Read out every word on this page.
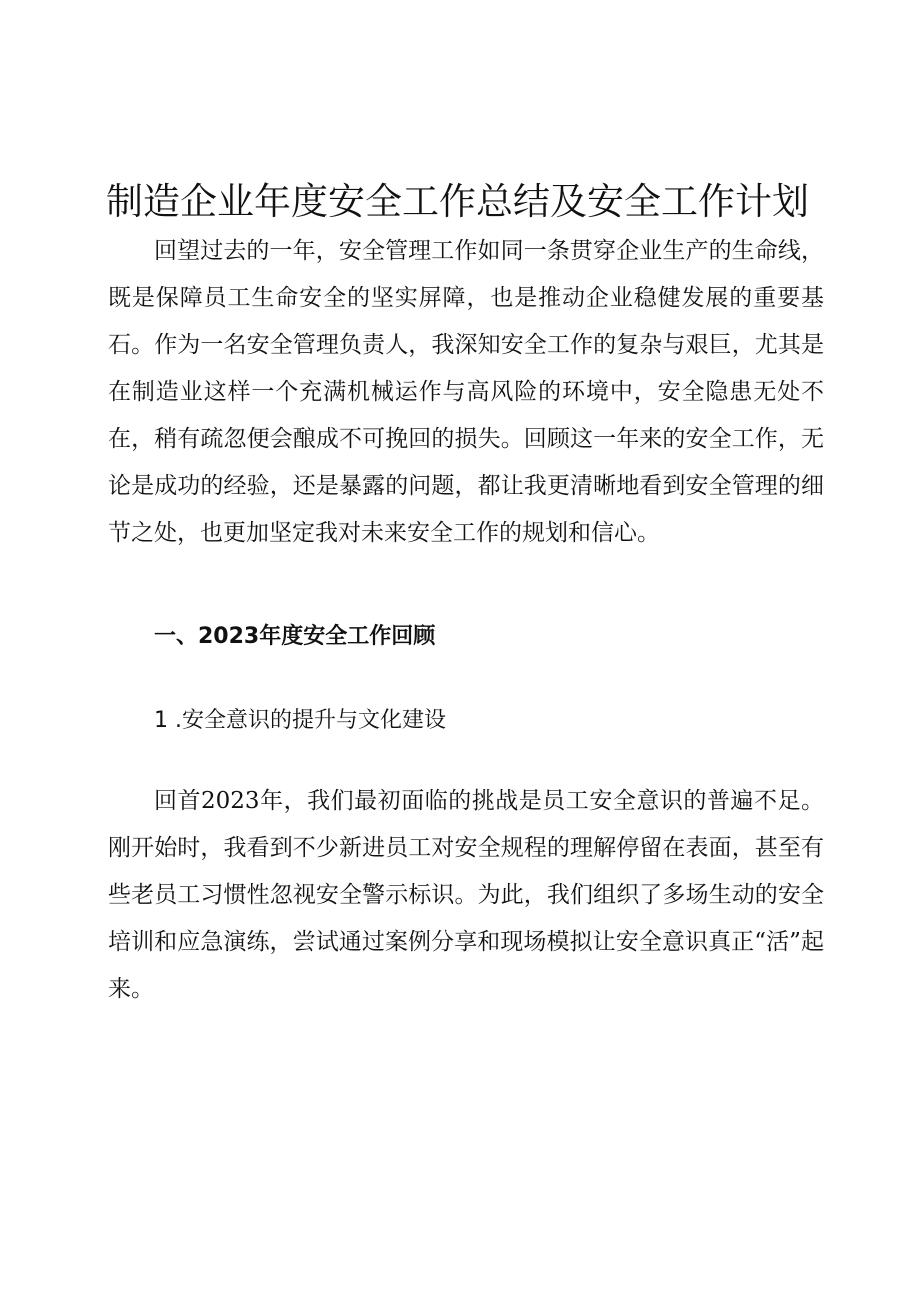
制造企业年度安全工作总结及安全工作计划

回望过去的一年，安全管理工作如同一条贯穿企业生产的生命线，既是保障员工生命安全的坚实屏障，也是推动企业稳健发展的重要基石。作为一名安全管理负责人，我深知安全工作的复杂与艰巨，尤其是在制造业这样一个充满机械运作与高风险的环境中，安全隐患无处不在，稍有疏忽便会酿成不可挽回的损失。回顾这一年来的安全工作，无论是成功的经验，还是暴露的问题，都让我更清晰地看到安全管理的细节之处，也更加坚定我对未来安全工作的规划和信心。

一、2023年度安全工作回顾
1 .安全意识的提升与文化建设

回首2023年，我们最初面临的挑战是员工安全意识的普遍不足。刚开始时，我看到不少新进员工对安全规程的理解停留在表面，甚至有些老员工习惯性忽视安全警示标识。为此，我们组织了多场生动的安全培训和应急演练，尝试通过案例分享和现场模拟让安全意识真正“活”起来。
